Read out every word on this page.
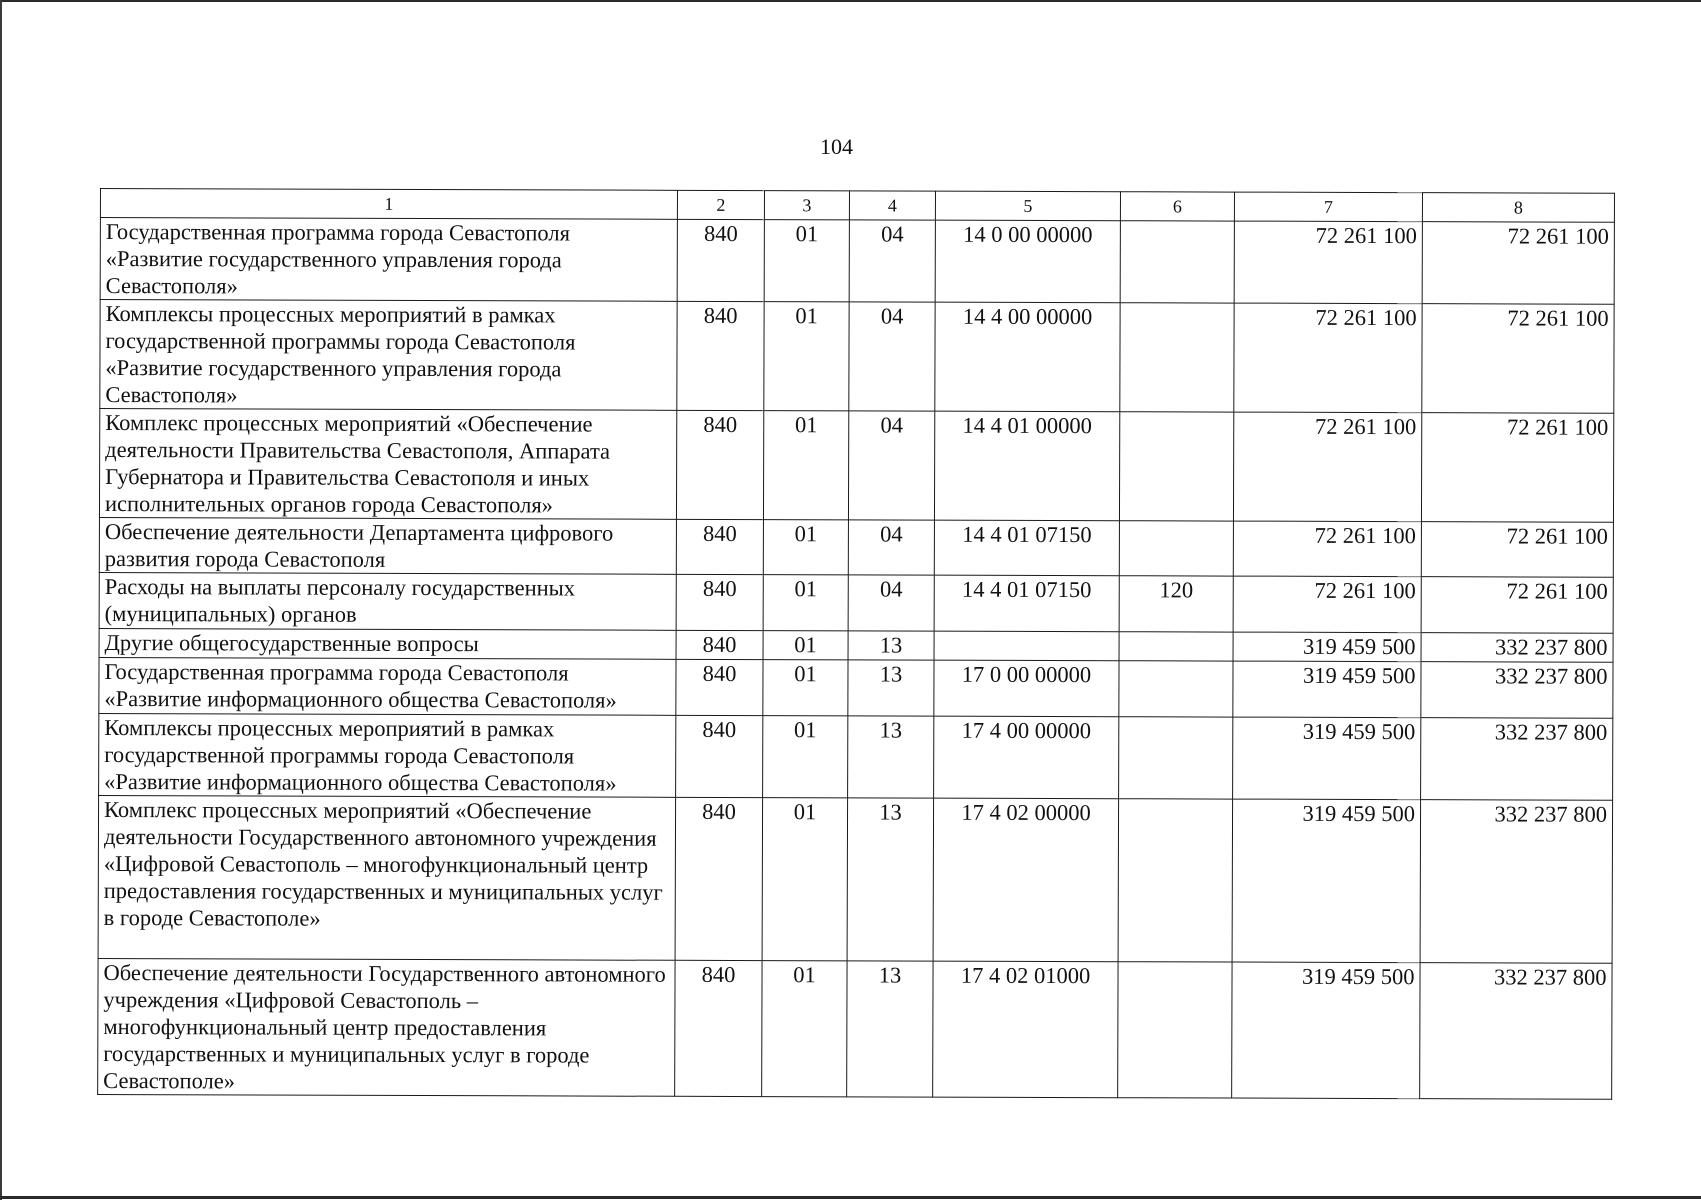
104
1	2	3	4	5	6	7	8
Государственная программа города Севастополя «Развитие государственного управления города Севастополя»	840	01	04	14 0 00 00000		72 261 100	72 261 100
Комплексы процессных мероприятий в рамках государственной программы города Севастополя «Развитие государственного управления города Севастополя»	840	01	04	14 4 00 00000		72 261 100	72 261 100
Комплекс процессных мероприятий «Обеспечение деятельности Правительства Севастополя, Аппарата Губернатора и Правительства Севастополя и иных исполнительных органов города Севастополя»	840	01	04	14 4 01 00000		72 261 100	72 261 100
Обеспечение деятельности Департамента цифрового развития города Севастополя	840	01	04	14 4 01 07150		72 261 100	72 261 100
Расходы на выплаты персоналу государственных (муниципальных) органов	840	01	04	14 4 01 07150	120	72 261 100	72 261 100
Другие общегосударственные вопросы	840	01	13			319 459 500	332 237 800
Государственная программа города Севастополя «Развитие информационного общества Севастополя»	840	01	13	17 0 00 00000		319 459 500	332 237 800
Комплексы процессных мероприятий в рамках государственной программы города Севастополя «Развитие информационного общества Севастополя»	840	01	13	17 4 00 00000		319 459 500	332 237 800
Комплекс процессных мероприятий «Обеспечение деятельности Государственного автономного учреждения «Цифровой Севастополь – многофункциональный центр предоставления государственных и муниципальных услуг в городе Севастополе»	840	01	13	17 4 02 00000		319 459 500	332 237 800
Обеспечение деятельности Государственного автономного учреждения «Цифровой Севастополь – многофункциональный центр предоставления государственных и муниципальных услуг в городе Севастополе»	840	01	13	17 4 02 01000		319 459 500	332 237 800
